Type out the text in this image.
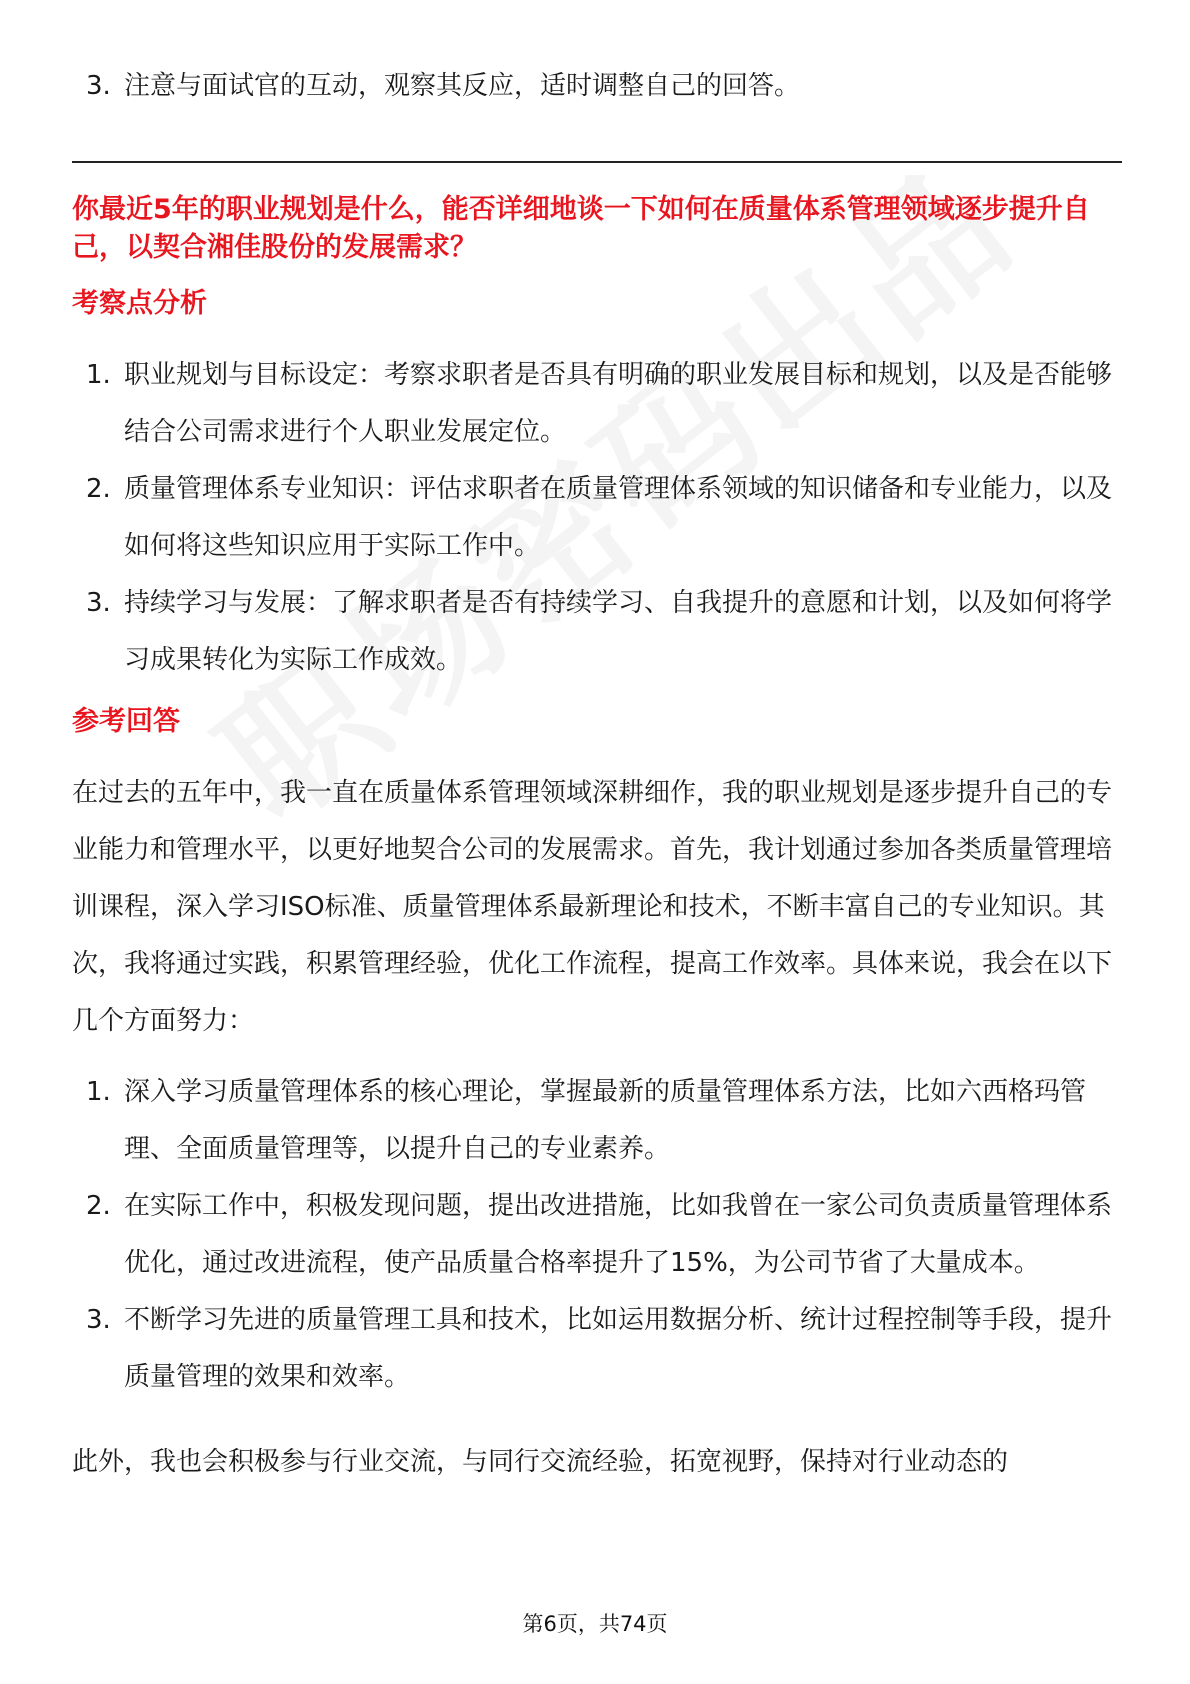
3. 注意与面试官的互动，观察其反应，适时调整自己的回答。
你最近5年的职业规划是什么，能否详细地谈一下如何在质量体系管理领域逐步提升自己，以契合湘佳股份的发展需求？
考察点分析
1. 职业规划与目标设定：考察求职者是否具有明确的职业发展目标和规划，以及是否能够结合公司需求进行个人职业发展定位。
2. 质量管理体系专业知识：评估求职者在质量管理体系领域的知识储备和专业能力，以及如何将这些知识应用于实际工作中。
3. 持续学习与发展：了解求职者是否有持续学习、自我提升的意愿和计划，以及如何将学习成果转化为实际工作成效。
参考回答
在过去的五年中，我一直在质量体系管理领域深耕细作，我的职业规划是逐步提升自己的专业能力和管理水平，以更好地契合公司的发展需求。首先，我计划通过参加各类质量管理培训课程，深入学习ISO标准、质量管理体系最新理论和技术，不断丰富自己的专业知识。其次，我将通过实践，积累管理经验，优化工作流程，提高工作效率。具体来说，我会在以下几个方面努力：
1. 深入学习质量管理体系的核心理论，掌握最新的质量管理体系方法，比如六西格玛管理、全面质量管理等，以提升自己的专业素养。
2. 在实际工作中，积极发现问题，提出改进措施，比如我曾在一家公司负责质量管理体系优化，通过改进流程，使产品质量合格率提升了15%，为公司节省了大量成本。
3. 不断学习先进的质量管理工具和技术，比如运用数据分析、统计过程控制等手段，提升质量管理的效果和效率。
此外，我也会积极参与行业交流，与同行交流经验，拓宽视野，保持对行业动态的
第6页，共74页
